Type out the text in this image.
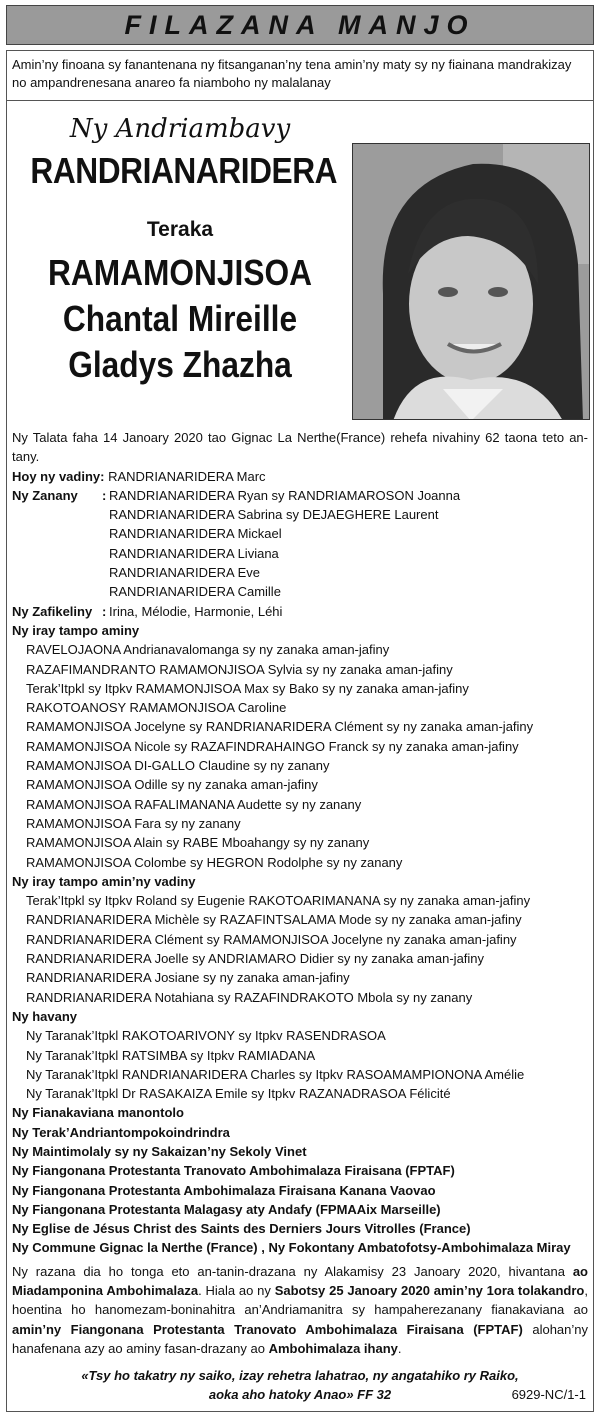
FILAZANA MANJO
Amin’ny finoana sy fanantenana ny fitsanganan’ny tena amin’ny maty sy ny fiainana mandrakizay no ampandrenesana anareo fa niamboho ny malalanay
Ny Andriambavy
RANDRIANARIDERA
Teraka
RAMAMONJISOA
Chantal Mireille
Gladys Zhazha

Ny Talata faha 14 Janoary 2020 tao Gignac La Nerthe(France) rehefa nivahiny 62 taona teto an-tany.

Hoy ny vadiny:
RANDRIANARIDERA Marc
Ny Zanany	: RANDRIANARIDERA Ryan sy RANDRIAMAROSON Joanna
RANDRIANARIDERA Sabrina sy DEJAEGHERE Laurent
RANDRIANARIDERA Mickael
RANDRIANARIDERA Liviana
RANDRIANARIDERA Eve
RANDRIANARIDERA Camille
Ny Zafikeliny : Irina, Mélodie, Harmonie, Léhi
Ny iray tampo aminy
RAVELOJAONA Andrianavalomanga sy ny zanaka aman-jafiny
RAZAFIMANDRANTO RAMAMONJISOA Sylvia sy ny zanaka aman-jafiny
Terak’Itpkl sy Itpkv RAMAMONJISOA Max sy Bako sy ny zanaka aman-jafiny
RAKOTOANOSY RAMAMONJISOA Caroline
RAMAMONJISOA Jocelyne sy RANDRIANARIDERA Clément sy ny zanaka aman-jafiny
RAMAMONJISOA Nicole sy RAZAFINDRAHAINGO Franck sy ny zanaka aman-jafiny
RAMAMONJISOA DI-GALLO Claudine sy ny zanany
RAMAMONJISOA Odille sy ny zanaka aman-jafiny
RAMAMONJISOA RAFALIMANANA Audette sy ny zanany
RAMAMONJISOA Fara sy ny zanany
RAMAMONJISOA Alain sy RABE Mboahangy sy ny zanany
RAMAMONJISOA Colombe sy HEGRON Rodolphe sy ny zanany
Ny iray tampo amin’ny vadiny
Terak’Itpkl sy Itpkv Roland sy Eugenie RAKOTOARIMANANA sy ny zanaka aman-jafiny
RANDRIANARIDERA Michèle sy RAZAFINTSALAMA Mode sy ny zanaka aman-jafiny
RANDRIANARIDERA Clément sy RAMAMONJISOA Jocelyne ny zanaka aman-jafiny
RANDRIANARIDERA Joelle sy ANDRIAMARO Didier sy ny zanaka aman-jafiny
RANDRIANARIDERA Josiane sy ny zanaka aman-jafiny
RANDRIANARIDERA Notahiana sy RAZAFINDRAKOTO Mbola sy ny zanany
Ny havany
Ny Taranak’Itpkl RAKOTOARIVONY sy Itpkv RASENDRASOA
Ny Taranak’Itpkl RATSIMBA sy Itpkv RAMIADANA
Ny Taranak’Itpkl RANDRIANARIDERA Charles sy Itpkv RASOAMAMPIONONA Amélie
Ny Taranak’Itpkl Dr RASAKAIZA Emile sy Itpkv RAZANADRASOA Félicité
Ny Fianakaviana manontolo
Ny Terak’Andriantompokoindrindra
Ny Maintimolaly sy ny Sakaizan’ny Sekoly Vinet
Ny Fiangonana Protestanta Tranovato Ambohimalaza Firaisana (FPTAF)
Ny Fiangonana Protestanta Ambohimalaza Firaisana Kanana Vaovao
Ny Fiangonana Protestanta Malagasy aty Andafy (FPMAAix Marseille)
Ny Eglise de Jésus Christ des Saints des Derniers Jours Vitrolles (France)
Ny Commune Gignac la Nerthe (France) , Ny Fokontany Ambatofotsy-Ambohimalaza Miray

Ny razana dia ho tonga eto an-tanin-drazana ny Alakamisy 23 Janoary 2020, hivantana ao Miadamponina Ambohimalaza. Hiala ao ny Sabotsy 25 Janoary 2020 amin’ny 1ora tolakandro, hoentina ho hanomezam-boninahitra an’Andriamanitra sy hampaherezanany fianakaviana ao amin’ny Fiangonana Protestanta Tranovato Ambohimalaza Firaisana (FPTAF) alohan’ny hanafenana azy ao aminy fasan-drazany ao Ambohimalaza ihany.

«Tsy ho takatry ny saiko, izay rehetra lahatrao, ny angatahiko ry Raiko,
aoka aho hatoky Anao» FF 32	6929-NC/1-1
